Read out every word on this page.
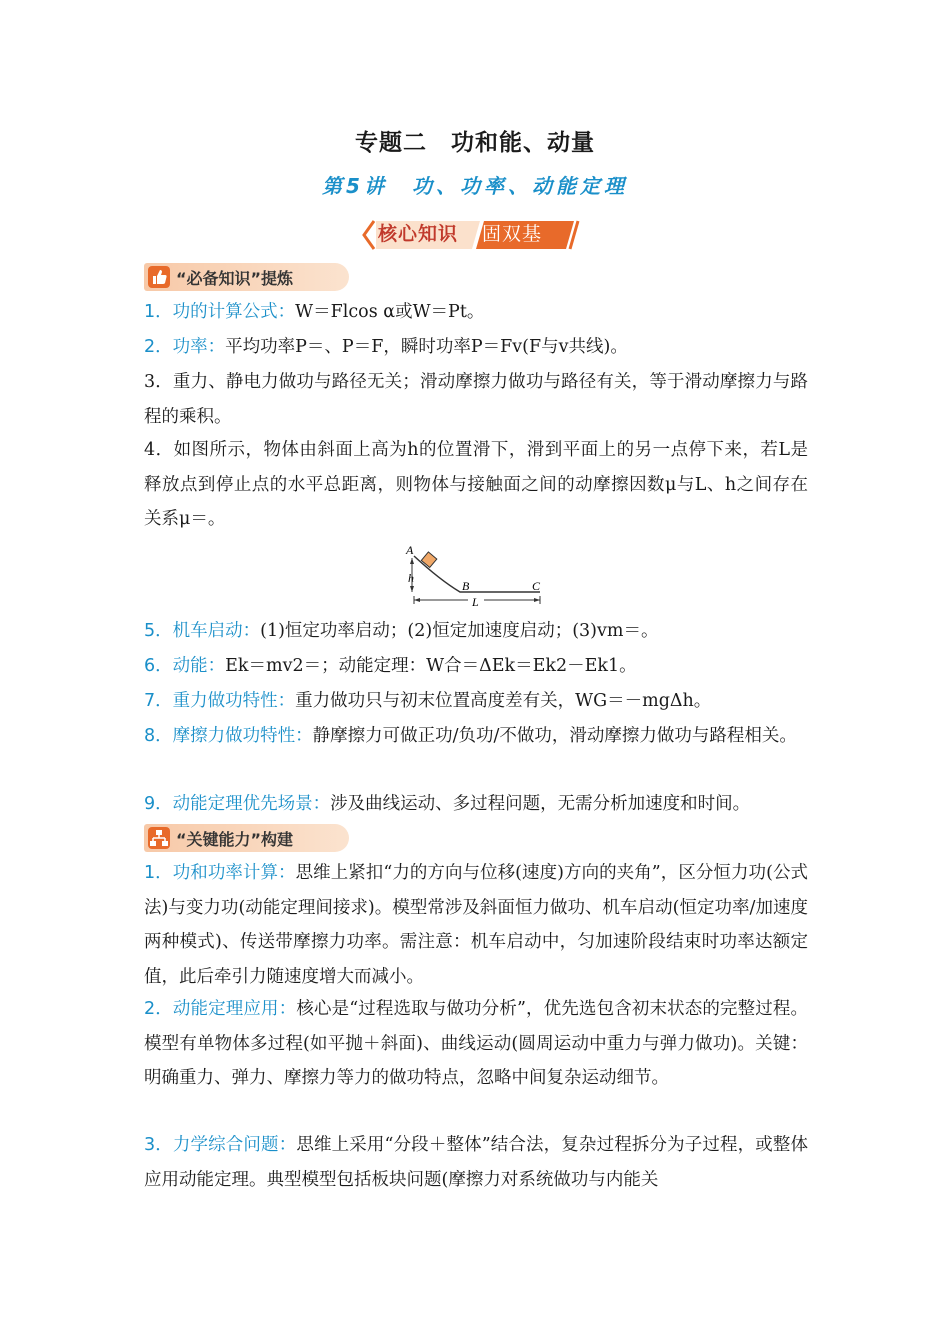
专题二　功和能、动量
第5讲　功、功率、动能定理
核心知识 固双基
“必备知识”提炼
1．功的计算公式：W＝Flcos α或W＝Pt。
2．功率：平均功率P＝、P＝F，瞬时功率P＝Fv(F与v共线)。
3．重力、静电力做功与路径无关；滑动摩擦力做功与路径有关，等于滑动摩擦力与路程的乘积。
4．如图所示，物体由斜面上高为h的位置滑下，滑到平面上的另一点停下来，若L是释放点到停止点的水平总距离，则物体与接触面之间的动摩擦因数μ与L、h之间存在关系μ＝。
A
h
B	C
L
5．机车启动：(1)恒定功率启动；(2)恒定加速度启动；(3)vm＝。
6．动能：Ek＝mv2＝；动能定理：W合＝ΔEk＝Ek2－Ek1。
7．重力做功特性：重力做功只与初末位置高度差有关，WG＝－mgΔh。
8．摩擦力做功特性：静摩擦力可做正功/负功/不做功，滑动摩擦力做功与路程相关。
9．动能定理优先场景：涉及曲线运动、多过程问题，无需分析加速度和时间。
“关键能力”构建
1．功和功率计算：思维上紧扣“力的方向与位移(速度)方向的夹角”，区分恒力功(公式法)与变力功(动能定理间接求)。模型常涉及斜面恒力做功、机车启动(恒定功率/加速度两种模式)、传送带摩擦力功率。需注意：机车启动中，匀加速阶段结束时功率达额定值，此后牵引力随速度增大而减小。
2．动能定理应用：核心是“过程选取与做功分析”，优先选包含初末状态的完整过程。模型有单物体多过程(如平抛＋斜面)、曲线运动(圆周运动中重力与弹力做功)。关键：明确重力、弹力、摩擦力等力的做功特点，忽略中间复杂运动细节。
3．力学综合问题：思维上采用“分段＋整体”结合法，复杂过程拆分为子过程，或整体应用动能定理。典型模型包括板块问题(摩擦力对系统做功与内能关
